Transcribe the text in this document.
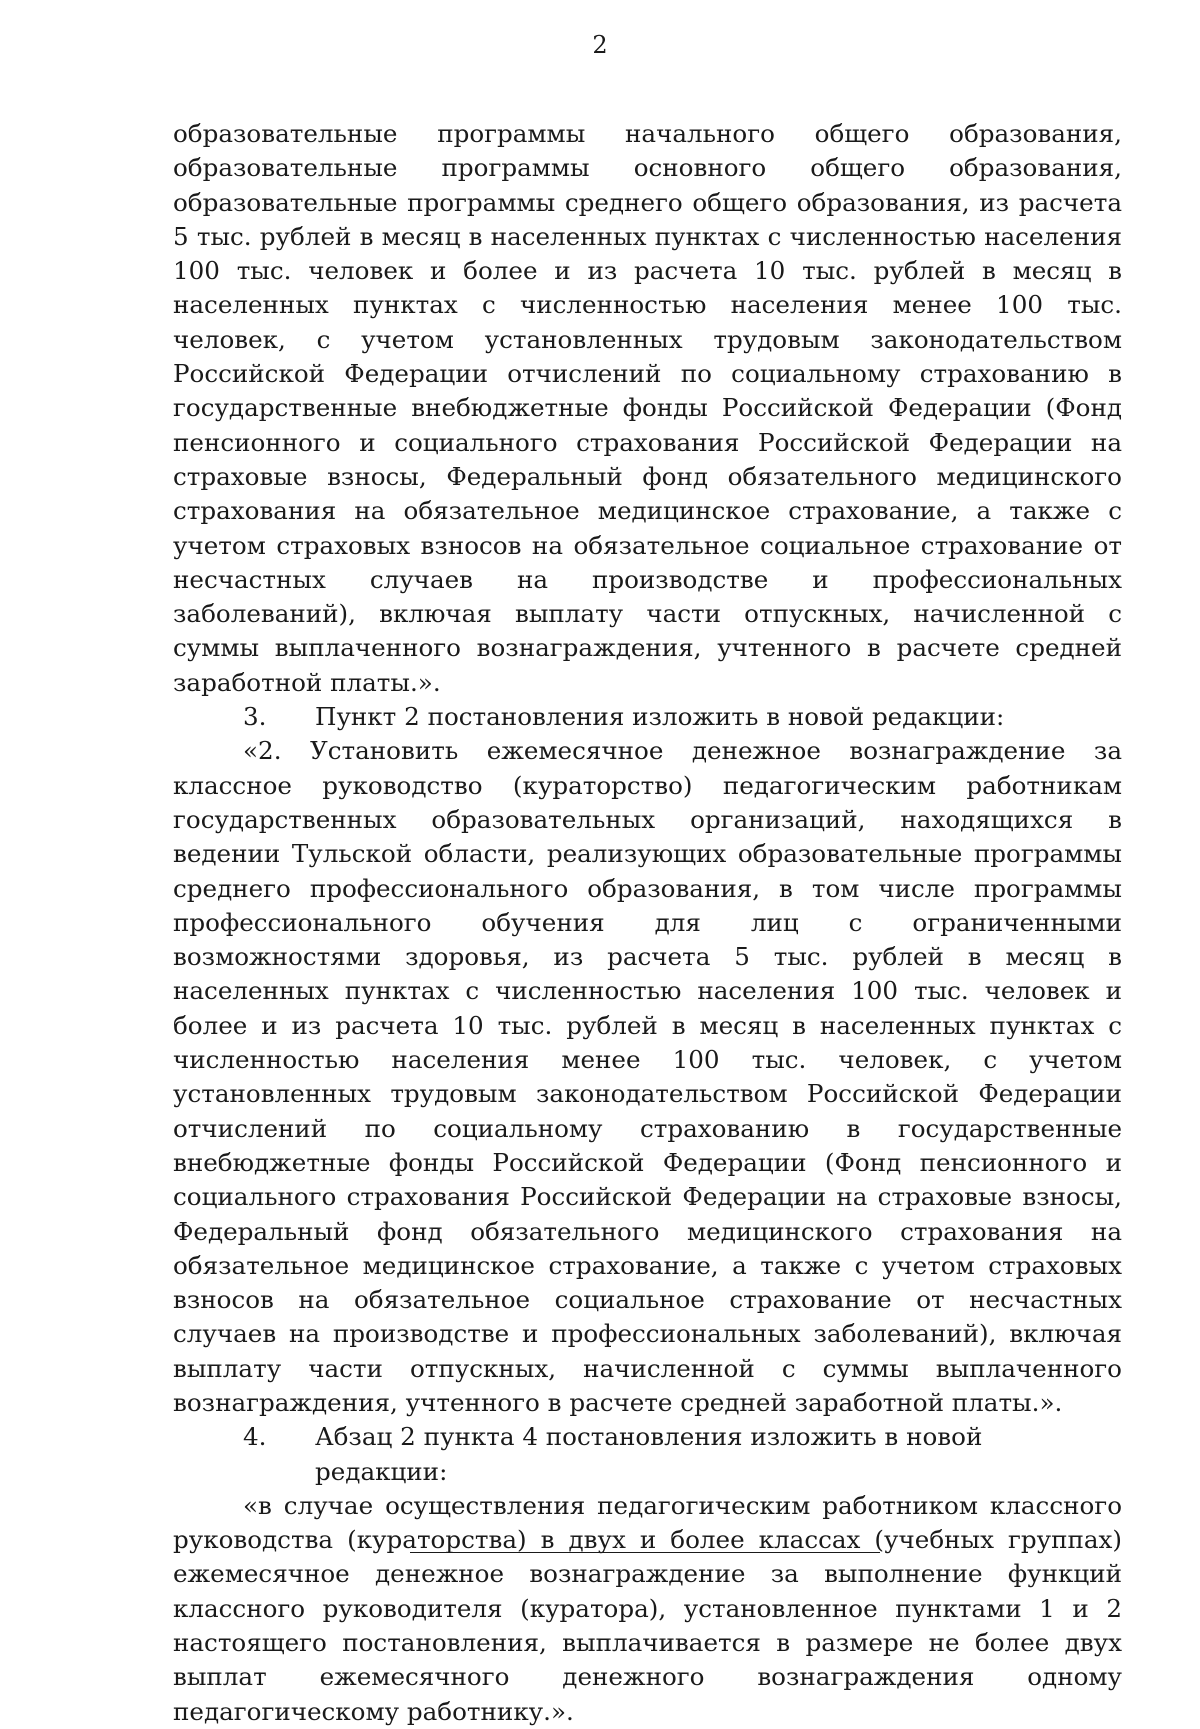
2

образовательные программы начального общего образования, образовательные программы основного общего образования, образовательные программы среднего общего образования, из расчета 5 тыс. рублей в месяц в населенных пунктах с численностью населения 100 тыс. человек и более и из расчета 10 тыс. рублей в месяц в населенных пунктах с численностью населения менее 100 тыс. человек, с учетом установленных трудовым законодательством Российской Федерации отчислений по социальному страхованию в государственные внебюджетные фонды Российской Федерации (Фонд пенсионного и социального страхования Российской Федерации на страховые взносы, Федеральный фонд обязательного медицинского страхования на обязательное медицинское страхование, а также с учетом страховых взносов на обязательное социальное страхование от несчастных случаев на производстве и профессиональных заболеваний), включая выплату части отпускных, начисленной с суммы выплаченного вознаграждения, учтенного в расчете средней заработной платы.».

3.	Пункт 2 постановления изложить в новой редакции:

«2. Установить ежемесячное денежное вознаграждение за классное руководство (кураторство) педагогическим работникам государственных образовательных организаций, находящихся в ведении Тульской области, реализующих образовательные программы среднего профессионального образования, в том числе программы профессионального обучения для лиц с ограниченными возможностями здоровья, из расчета 5 тыс. рублей в месяц в населенных пунктах с численностью населения 100 тыс. человек и более и из расчета 10 тыс. рублей в месяц в населенных пунктах с численностью населения менее 100 тыс. человек, с учетом установленных трудовым законодательством Российской Федерации отчислений по социальному страхованию в государственные внебюджетные фонды Российской Федерации (Фонд пенсионного и социального страхования Российской Федерации на страховые взносы, Федеральный фонд обязательного медицинского страхования на обязательное медицинское страхование, а также с учетом страховых взносов на обязательное социальное страхование от несчастных случаев на производстве и профессиональных заболеваний), включая выплату части отпускных, начисленной с суммы выплаченного вознаграждения, учтенного в расчете средней заработной платы.».

4.	Абзац 2 пункта 4 постановления изложить в новой редакции:

«в случае осуществления педагогическим работником классного руководства (кураторства) в двух и более классах (учебных группах) ежемесячное денежное вознаграждение за выполнение функций классного руководителя (куратора), установленное пунктами 1 и 2 настоящего постановления, выплачивается в размере не более двух выплат ежемесячного денежного вознаграждения одному педагогическому работнику.».
